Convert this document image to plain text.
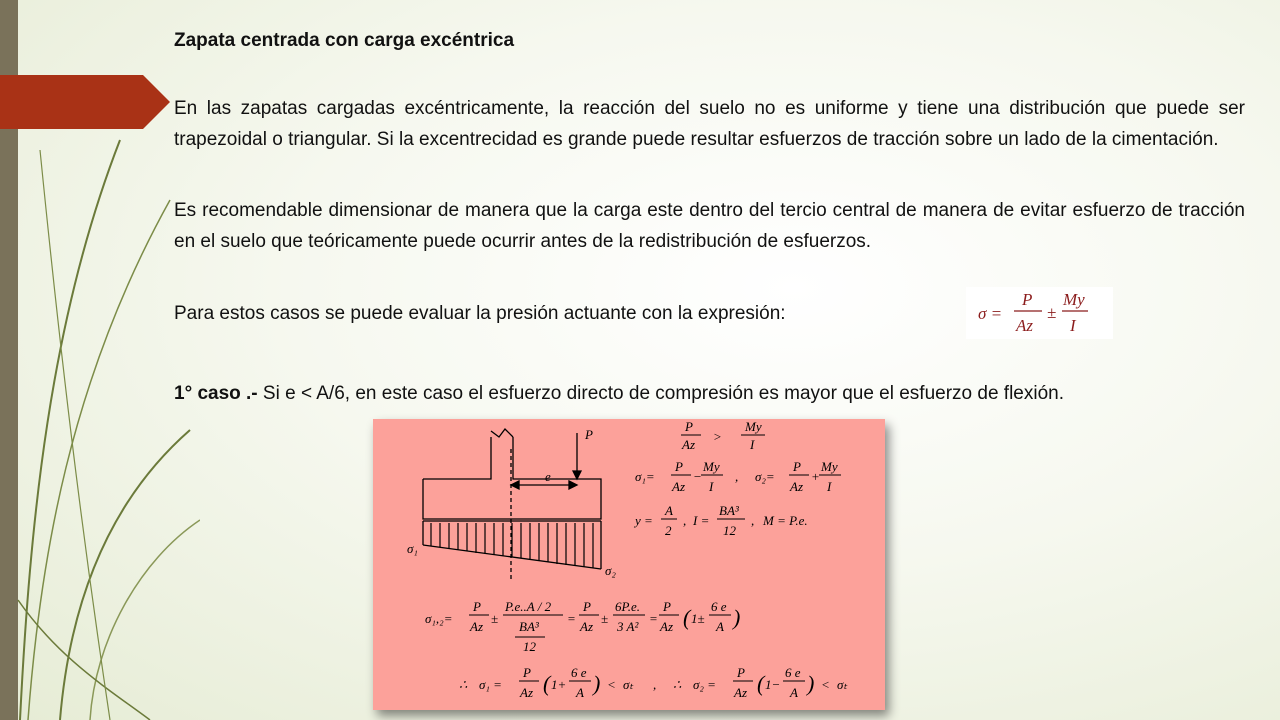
Zapata centrada con carga excéntrica

En las zapatas cargadas excéntricamente, la reacción del suelo no es uniforme y tiene una distribución que puede ser trapezoidal o triangular. Si la excentrecidad es grande puede resultar esfuerzos de tracción sobre un lado de la cimentación.

Es recomendable dimensionar de manera que la carga este dentro del tercio central de manera de evitar esfuerzo de tracción en el suelo que teóricamente puede ocurrir antes de la redistribución de esfuerzos.

Para estos casos se puede evaluar la presión actuante con la expresión:	σ =
P
Az
±
My
I

1° caso .- Si e < A/6, en este caso el esfuerzo directo de compresión es mayor que el esfuerzo de flexión.

P
e
σ₁
σ₂
P
Az
>
My
I
σ₁=
P
Az
−
My
I
, σ₂=
P
Az
+
My
I
y =
A
2
, I =
BA³
12
, M = P.e.
σ₁,₂=
P
Az
±
P.e..A / 2
BA³
12
=
P
Az
±
6P.e.
3 A²
=
P
Az ( 1±
6 e
A )
∴ σ₁ =
P
Az ( 1+
6 e
A ) < σₜ , ∴ σ₂ =
P
Az ( 1−
6 e
A ) < σₜ
